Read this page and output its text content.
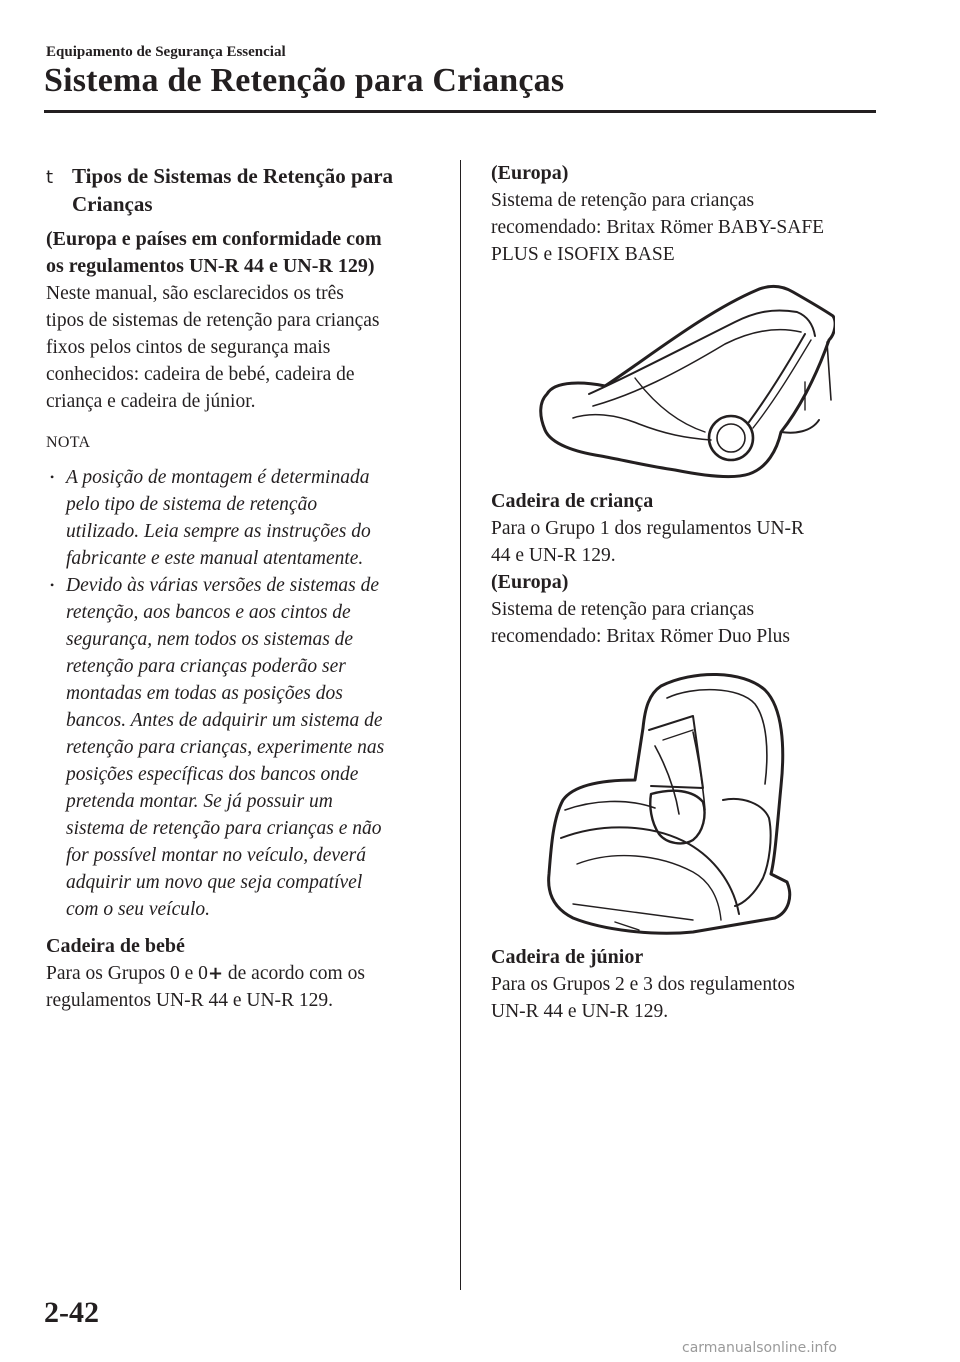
Equipamento de Segurança Essencial
Sistema de Retenção para Crianças
t Tipos de Sistemas de Retenção para
Crianças
(Europa e países em conformidade com
os regulamentos UN-R 44 e UN-R 129)

Neste manual, são esclarecidos os três
tipos de sistemas de retenção para crianças
fixos pelos cintos de segurança mais
conhecidos: cadeira de bebé, cadeira de
criança e cadeira de júnior.

NOTA
• A posição de montagem é determinada
pelo tipo de sistema de retenção
utilizado. Leia sempre as instruções do
fabricante e este manual atentamente.
• Devido às várias versões de sistemas de
retenção, aos bancos e aos cintos de
segurança, nem todos os sistemas de
retenção para crianças poderão ser
montadas em todas as posições dos
bancos. Antes de adquirir um sistema de
retenção para crianças, experimente nas
posições específicas dos bancos onde
pretenda montar. Se já possuir um
sistema de retenção para crianças e não
for possível montar no veículo, deverá
adquirir um novo que seja compatível
com o seu veículo.
Cadeira de bebé

Para os Grupos 0 e 0+ de acordo com os
regulamentos UN-R 44 e UN-R 129.

(Europa)

Sistema de retenção para crianças
recomendado: Britax Römer BABY-SAFE
PLUS e ISOFIX BASE

Cadeira de criança

Para o Grupo 1 dos regulamentos UN-R
44 e UN-R 129.

(Europa)

Sistema de retenção para crianças
recomendado: Britax Römer Duo Plus

Cadeira de júnior

Para os Grupos 2 e 3 dos regulamentos
UN-R 44 e UN-R 129.

2-42
carmanualsonline.info
